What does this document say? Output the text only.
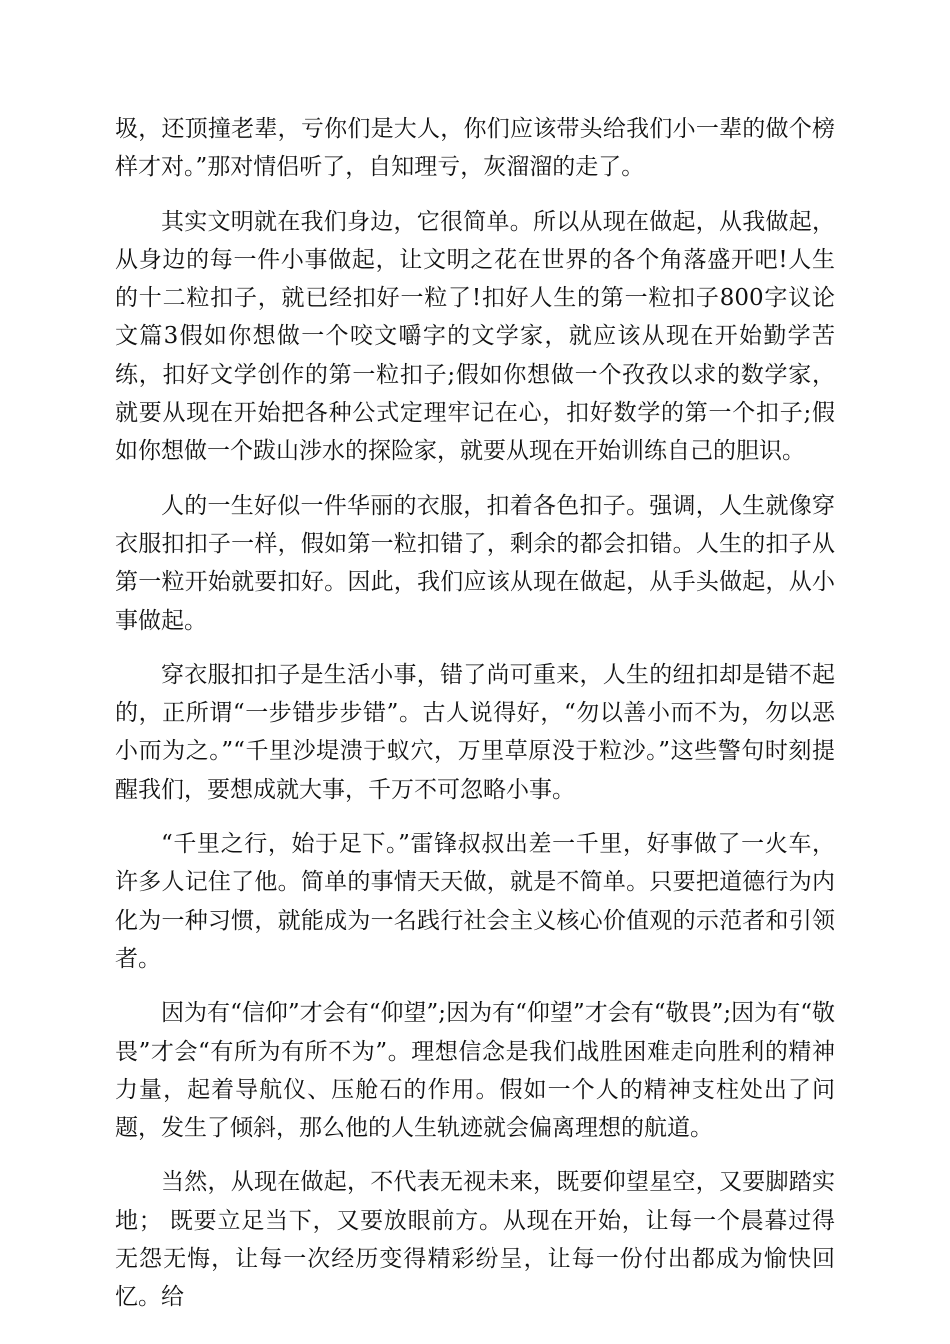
圾，还顶撞老辈，亏你们是大人，你们应该带头给我们小一辈的做个榜样才对。”那对情侣听了，自知理亏，灰溜溜的走了。

其实文明就在我们身边，它很简单。所以从现在做起，从我做起，从身边的每一件小事做起，让文明之花在世界的各个角落盛开吧!人生的十二粒扣子，就已经扣好一粒了!扣好人生的第一粒扣子800字议论文篇3假如你想做一个咬文嚼字的文学家，就应该从现在开始勤学苦练，扣好文学创作的第一粒扣子;假如你想做一个孜孜以求的数学家，就要从现在开始把各种公式定理牢记在心，扣好数学的第一个扣子;假如你想做一个跋山涉水的探险家，就要从现在开始训练自己的胆识。

人的一生好似一件华丽的衣服，扣着各色扣子。强调，人生就像穿衣服扣扣子一样，假如第一粒扣错了，剩余的都会扣错。人生的扣子从第一粒开始就要扣好。因此，我们应该从现在做起，从手头做起，从小事做起。

穿衣服扣扣子是生活小事，错了尚可重来，人生的纽扣却是错不起的，正所谓“一步错步步错”。古人说得好，“勿以善小而不为，勿以恶小而为之。”“千里沙堤溃于蚁穴，万里草原没于粒沙。”这些警句时刻提醒我们，要想成就大事，千万不可忽略小事。

“千里之行，始于足下。”雷锋叔叔出差一千里，好事做了一火车，许多人记住了他。简单的事情天天做，就是不简单。只要把道德行为内化为一种习惯，就能成为一名践行社会主义核心价值观的示范者和引领者。

因为有“信仰”才会有“仰望”;因为有“仰望”才会有“敬畏”;因为有“敬畏”才会“有所为有所不为”。理想信念是我们战胜困难走向胜利的精神力量，起着导航仪、压舱石的作用。假如一个人的精神支柱处出了问题，发生了倾斜，那么他的人生轨迹就会偏离理想的航道。

当然，从现在做起，不代表无视未来，既要仰望星空，又要脚踏实地； 既要立足当下，又要放眼前方。从现在开始，让每一个晨暮过得无怨无悔，让每一次经历变得精彩纷呈，让每一份付出都成为愉快回忆。给
